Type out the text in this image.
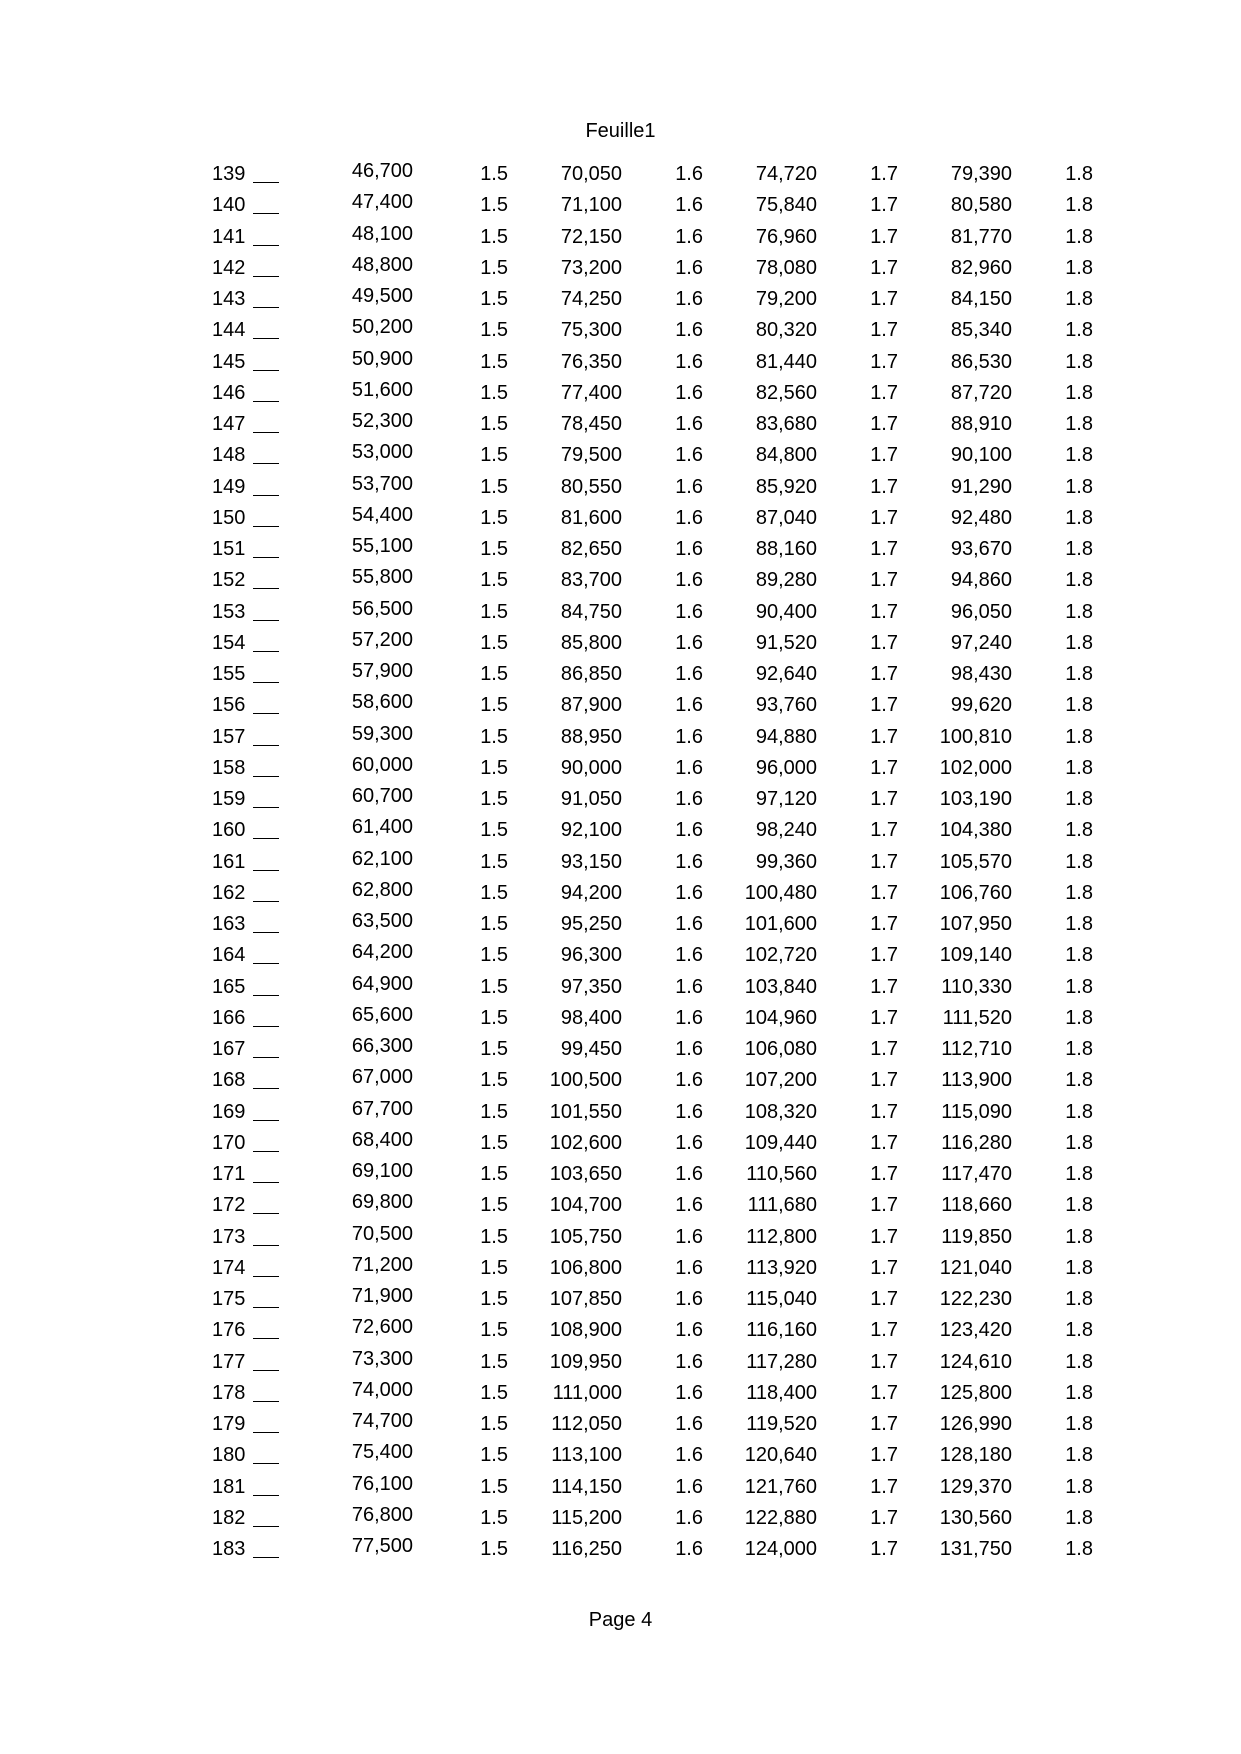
Feuille1
139	46,700	1.5	70,050	1.6	74,720	1.7	79,390	1.8
140	47,400	1.5	71,100	1.6	75,840	1.7	80,580	1.8
141	48,100	1.5	72,150	1.6	76,960	1.7	81,770	1.8
142	48,800	1.5	73,200	1.6	78,080	1.7	82,960	1.8
143	49,500	1.5	74,250	1.6	79,200	1.7	84,150	1.8
144	50,200	1.5	75,300	1.6	80,320	1.7	85,340	1.8
145	50,900	1.5	76,350	1.6	81,440	1.7	86,530	1.8
146	51,600	1.5	77,400	1.6	82,560	1.7	87,720	1.8
147	52,300	1.5	78,450	1.6	83,680	1.7	88,910	1.8
148	53,000	1.5	79,500	1.6	84,800	1.7	90,100	1.8
149	53,700	1.5	80,550	1.6	85,920	1.7	91,290	1.8
150	54,400	1.5	81,600	1.6	87,040	1.7	92,480	1.8
151	55,100	1.5	82,650	1.6	88,160	1.7	93,670	1.8
152	55,800	1.5	83,700	1.6	89,280	1.7	94,860	1.8
153	56,500	1.5	84,750	1.6	90,400	1.7	96,050	1.8
154	57,200	1.5	85,800	1.6	91,520	1.7	97,240	1.8
155	57,900	1.5	86,850	1.6	92,640	1.7	98,430	1.8
156	58,600	1.5	87,900	1.6	93,760	1.7	99,620	1.8
157	59,300	1.5	88,950	1.6	94,880	1.7 100,810	1.8
158	60,000	1.5	90,000	1.6	96,000	1.7 102,000	1.8
159	60,700	1.5	91,050	1.6	97,120	1.7 103,190	1.8
160	61,400	1.5	92,100	1.6	98,240	1.7 104,380	1.8
161	62,100	1.5	93,150	1.6	99,360	1.7 105,570	1.8
162	62,800	1.5	94,200	1.6 100,480	1.7 106,760	1.8
163	63,500	1.5	95,250	1.6 101,600	1.7 107,950	1.8
164	64,200	1.5	96,300	1.6 102,720	1.7 109,140	1.8
165	64,900	1.5	97,350	1.6 103,840	1.7 110,330	1.8
166	65,600	1.5	98,400	1.6 104,960	1.7 111,520	1.8
167	66,300	1.5	99,450	1.6 106,080	1.7 112,710	1.8
168	67,000	1.5 100,500	1.6 107,200	1.7 113,900	1.8
169	67,700	1.5 101,550	1.6 108,320	1.7 115,090	1.8
170	68,400	1.5 102,600	1.6 109,440	1.7 116,280	1.8
171	69,100	1.5 103,650	1.6 110,560	1.7 117,470	1.8
172	69,800	1.5 104,700	1.6 111,680	1.7 118,660	1.8
173	70,500	1.5 105,750	1.6 112,800	1.7 119,850	1.8
174	71,200	1.5 106,800	1.6 113,920	1.7 121,040	1.8
175	71,900	1.5 107,850	1.6 115,040	1.7 122,230	1.8
176	72,600	1.5 108,900	1.6 116,160	1.7 123,420	1.8
177	73,300	1.5 109,950	1.6 117,280	1.7 124,610	1.8
178	74,000	1.5 111,000	1.6 118,400	1.7 125,800	1.8
179	74,700	1.5 112,050	1.6 119,520	1.7 126,990	1.8
180	75,400	1.5 113,100	1.6 120,640	1.7 128,180	1.8
181	76,100	1.5 114,150	1.6 121,760	1.7 129,370	1.8
182	76,800	1.5 115,200	1.6 122,880	1.7 130,560	1.8
183	77,500	1.5 116,250	1.6 124,000	1.7 131,750	1.8
Page 4
